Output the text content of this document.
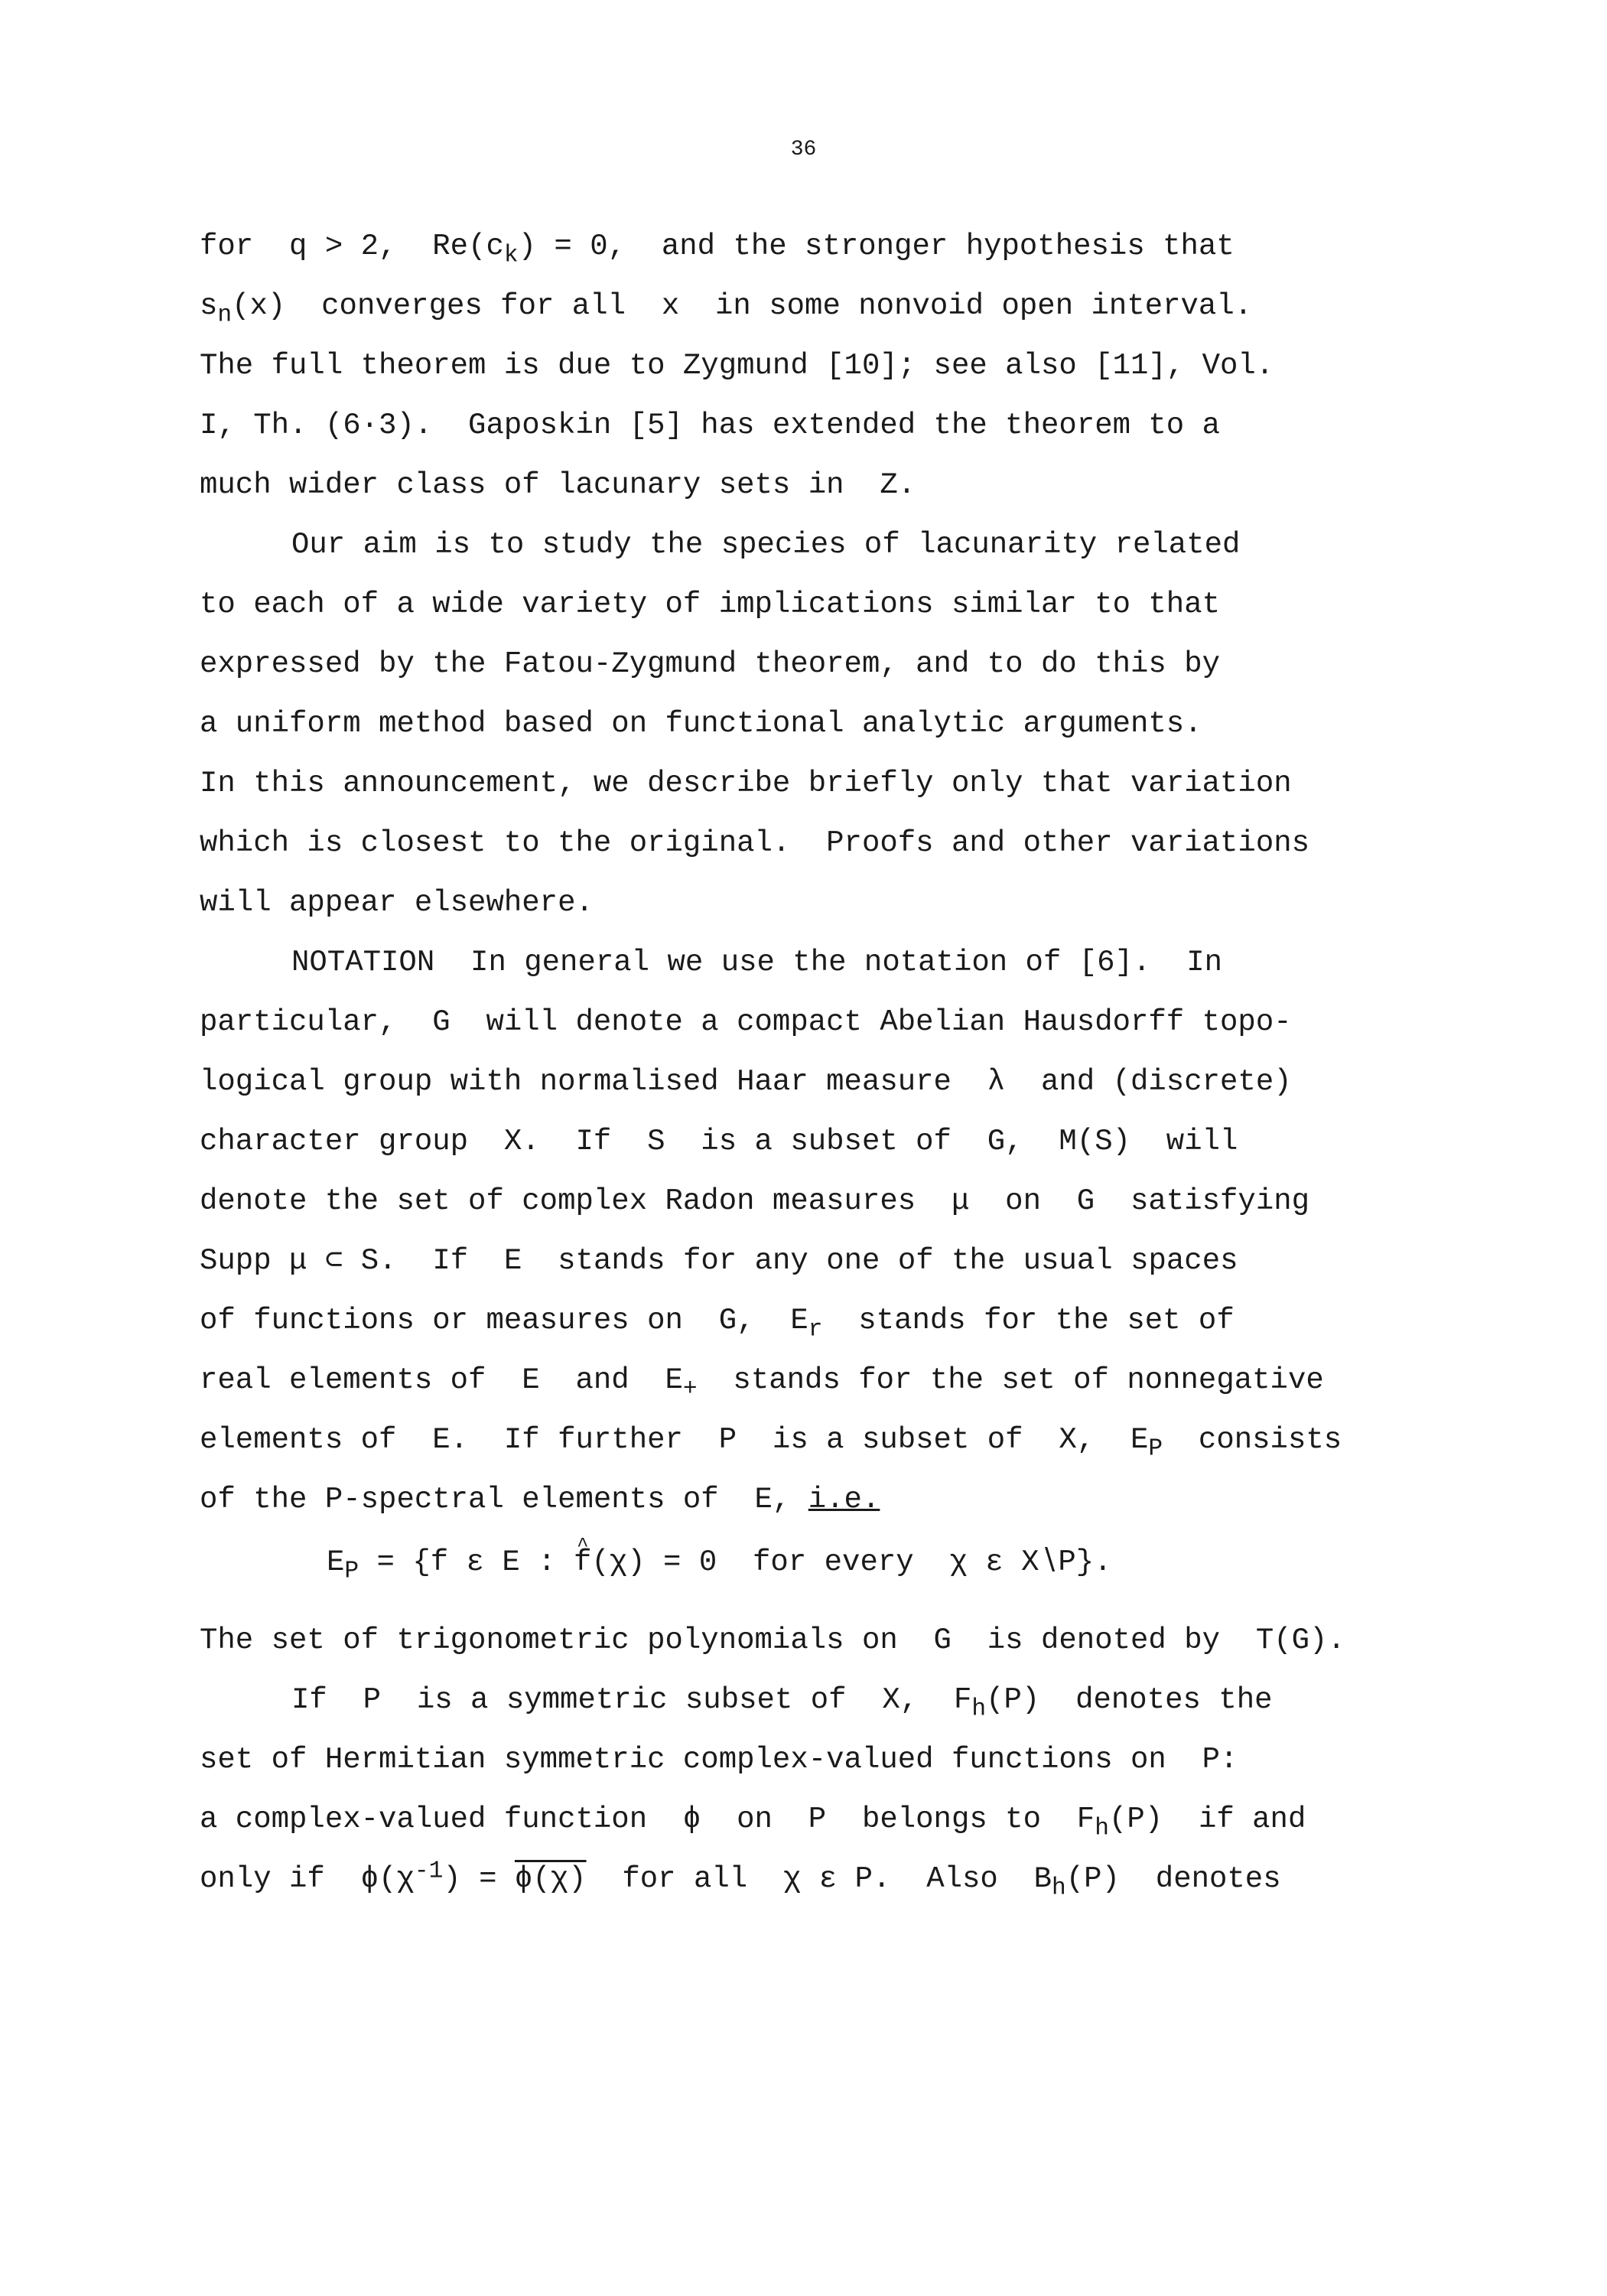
36
for  q > 2,  $Re(c_k) = 0$,  and the stronger hypothesis that
$s_n(x)$  converges for all  x  in some nonvoid open interval.
The full theorem is due to Zygmund [10]; see also [11], Vol.
I, Th. (6·3).  Gaposkin [5] has extended the theorem to a
much wider class of lacunary sets in  Z.
Our aim is to study the species of lacunarity related
to each of a wide variety of implications similar to that
expressed by the Fatou-Zygmund theorem, and to do this by
a uniform method based on functional analytic arguments.
In this announcement, we describe briefly only that variation
which is closest to the original.  Proofs and other variations
will appear elsewhere.
NOTATION  In general we use the notation of [6].  In
particular,  G  will denote a compact Abelian Hausdorff topo-
logical group with normalised Haar measure  λ  and (discrete)
character group  X.  If  S  is a subset of  G,  M(S)  will
denote the set of complex Radon measures  μ  on  G  satisfying
Supp μ ⊂ S.  If  E  stands for any one of the usual spaces
of functions or measures on  G,  $E_r$  stands for the set of
real elements of  E  and  $E_+$  stands for the set of nonnegative
elements of  E.  If further  P  is a subset of  X,  $E_P$  consists
of the P-spectral elements of  E, i.e.
$E_P = \{f$ ε E : ^ f(χ) = 0  for every  χ ε X∖P}.
The set of trigonometric polynomials on  G  is denoted by  T(G).
If  P  is a symmetric subset of  X,  $F_h(P)$  denotes the
set of Hermitian symmetric complex-valued functions on  P:
a complex-valued function  ϕ  on  P  belongs to  $F_h(P)$  if and
only if  $\phi(\chi^{-1}) = \phi(\chi)$  for all  χ ε P.  Also  $B_h(P)$  denotes
